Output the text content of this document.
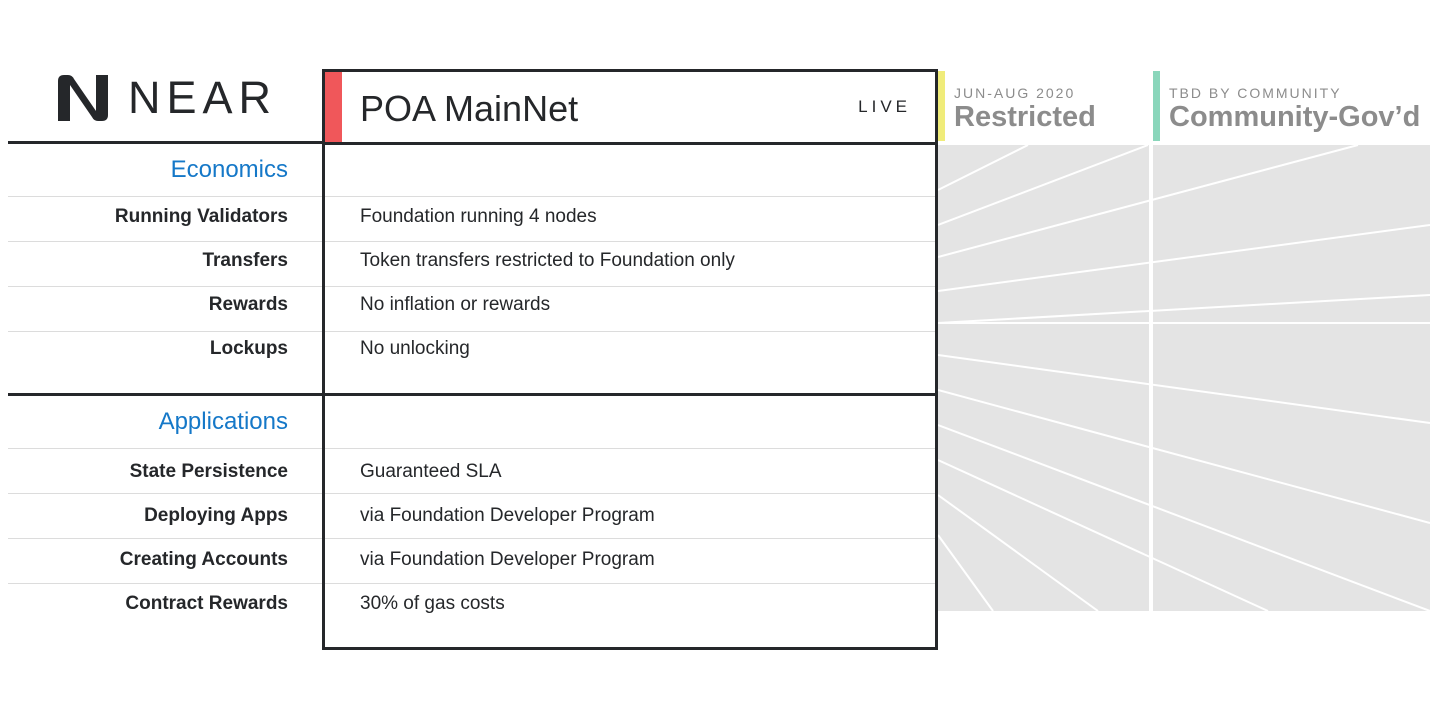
NEAR
Economics
Running Validators
Transfers
Rewards
Lockups
Applications
State Persistence
Deploying Apps
Creating Accounts
Contract Rewards
JUN-AUG 2020
Restricted
TBD BY COMMUNITY
Community-Gov’d
POA MainNet	LIVE
Foundation running 4 nodes
Token transfers restricted to Foundation only
No inflation or rewards
No unlocking
Guaranteed SLA
via Foundation Developer Program
via Foundation Developer Program
30% of gas costs
